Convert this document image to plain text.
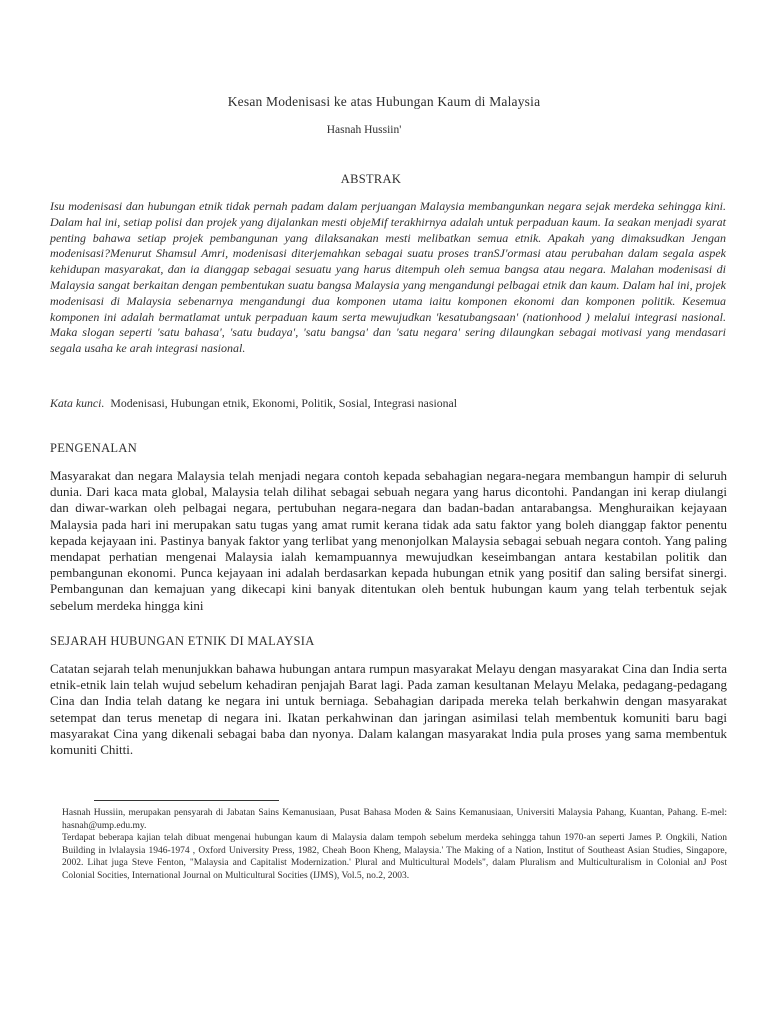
Kesan Modenisasi ke atas Hubungan Kaum di Malaysia
Hasnah Hussiin'
ABSTRAK

Isu modenisasi dan hubungan etnik tidak pernah padam dalam perjuangan Malaysia membangunkan negara sejak merdeka sehingga kini. Dalam hal ini, setiap polisi dan projek yang dijalankan mesti objeMif terakhirnya adalah untuk perpaduan kaum. Ia seakan menjadi syarat penting bahawa setiap projek pembangunan yang dilaksanakan mesti melibatkan semua etnik. Apakah yang dimaksudkan Jengan modenisasi?Menurut Shamsul Amri, modenisasi diterjemahkan sebagai suatu proses tranSJ'ormasi atau perubahan dalam segala aspek kehidupan masyarakat, dan ia dianggap sebagai sesuatu yang harus ditempuh oleh semua bangsa atau negara. Malahan modenisasi di Malaysia sangat berkaitan dengan pembentukan suatu bangsa Malaysia yang mengandungi pelbagai etnik dan kaum. Dalam hal ini, projek modenisasi di Malaysia sebenarnya mengandungi dua komponen utama iaitu komponen ekonomi dan komponen politik. Kesemua komponen ini adalah bermatlamat untuk perpaduan kaum serta mewujudkan 'kesatubangsaan' (nationhood ) melalui integrasi nasional. Maka slogan seperti 'satu bahasa', 'satu budaya', 'satu bangsa' dan 'satu negara' sering dilaungkan sebagai motivasi yang mendasari segala usaha ke arah integrasi nasional.

Kata kunci. Modenisasi, Hubungan etnik, Ekonomi, Politik, Sosial, Integrasi nasional

PENGENALAN

Masyarakat dan negara Malaysia telah menjadi negara contoh kepada sebahagian negara-negara membangun hampir di seluruh dunia. Dari kaca mata global, Malaysia telah dilihat sebagai sebuah negara yang harus dicontohi. Pandangan ini kerap diulangi dan diwar-warkan oleh pelbagai negara, pertubuhan negara-negara dan badan-badan antarabangsa. Menghuraikan kejayaan Malaysia pada hari ini merupakan satu tugas yang amat rumit kerana tidak ada satu faktor yang boleh dianggap faktor penentu kepada kejayaan ini. Pastinya banyak faktor yang terlibat yang menonjolkan Malaysia sebagai sebuah negara contoh. Yang paling mendapat perhatian mengenai Malaysia ialah kemampuannya mewujudkan keseimbangan antara kestabilan politik dan pembangunan ekonomi. Punca kejayaan ini adalah berdasarkan kepada hubungan etnik yang positif dan saling bersifat sinergi. Pembangunan dan kemajuan yang dikecapi kini banyak ditentukan oleh bentuk hubungan kaum yang telah terbentuk sejak sebelum merdeka hingga kini

SEJARAH HUBUNGAN ETNIK DI MALAYSIA

Catatan sejarah telah menunjukkan bahawa hubungan antara rumpun masyarakat Melayu dengan masyarakat Cina dan India serta etnik-etnik lain telah wujud sebelum kehadiran penjajah Barat lagi. Pada zaman kesultanan Melayu Melaka, pedagang-pedagang Cina dan India telah datang ke negara ini untuk berniaga. Sebahagian daripada mereka telah berkahwin dengan masyarakat setempat dan terus menetap di negara ini. Ikatan perkahwinan dan jaringan asimilasi telah membentuk komuniti baru bagi masyarakat Cina yang dikenali sebagai baba dan nyonya. Dalam kalangan masyarakat lndia pula proses yang sama membentuk komuniti Chitti.

Hasnah Hussiin, merupakan pensyarah di Jabatan Sains Kemanusiaan, Pusat Bahasa Moden & Sains Kemanusiaan, Universiti Malaysia Pahang, Kuantan, Pahang. E-mel: hasnah@ump.edu.my.

Terdapat beberapa kajian telah dibuat mengenai hubungan kaum di Malaysia dalam tempoh sebelum merdeka sehingga tahun 1970-an seperti James P. Ongkili, Nation Building in lvlalaysia 1946-1974 , Oxford University Press, 1982, Cheah Boon Kheng, Malaysia.' The Making of a Nation, Institut of Southeast Asian Studies, Singapore, 2002. Lihat juga Steve Fenton, "Malaysia and Capitalist Modernization.' Plural and Multicultural Models", dalam Pluralism and Multiculturalism in Colonial anJ Post Colonial Socities, International Journal on Multicultural Socities (IJMS), Vol.5, no.2, 2003.
